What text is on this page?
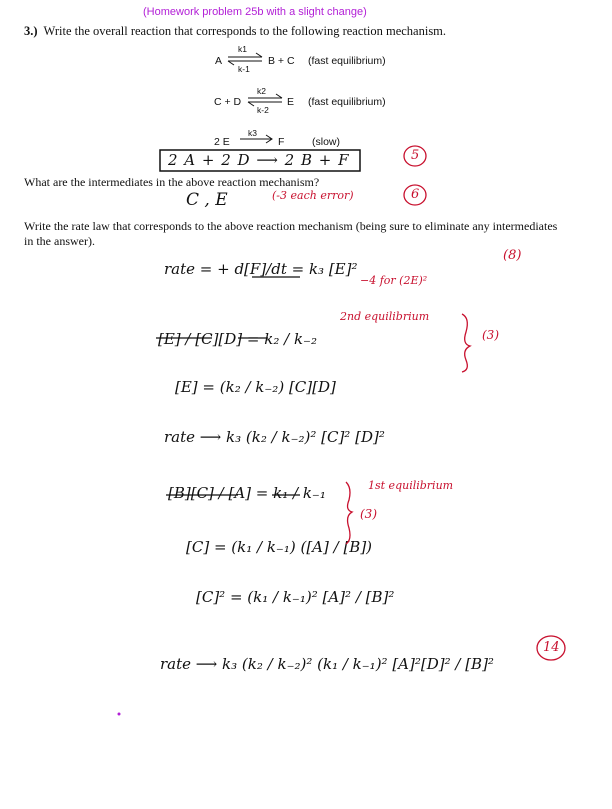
(Homework problem 25b with a slight change)
3.) Write the overall reaction that corresponds to the following reaction mechanism.
A
k1
k-1
B + C (fast equilibrium)
C + D
k2
k-2
E (fast equilibrium)
2 E
k3
F	(slow)
2 A + 2 D ⟶ 2 B + F	5
What are the intermediates in the above reaction mechanism?
C , E	(-3 each error)	6
Write the rate law that corresponds to the above reaction mechanism (being sure to eliminate any intermediates
in the answer).
rate = + d[F]/dt = k₃ [E]²
−4 for (2E)²
(8)
[E] / [C][D] = k₂ / k₋₂
2nd equilibrium
(3)
[E] = (k₂ / k₋₂) [C][D]
rate ⟶ k₃ (k₂ / k₋₂)² [C]² [D]²
[B][C] / [A] = k₁ / k₋₁	1st equilibrium
(3)
[C] = (k₁ / k₋₁) ([A] / [B])
[C]² = (k₁ / k₋₁)² [A]² / [B]²
rate ⟶ k₃ (k₂ / k₋₂)² (k₁ / k₋₁)² [A]²[D]² / [B]²
14
